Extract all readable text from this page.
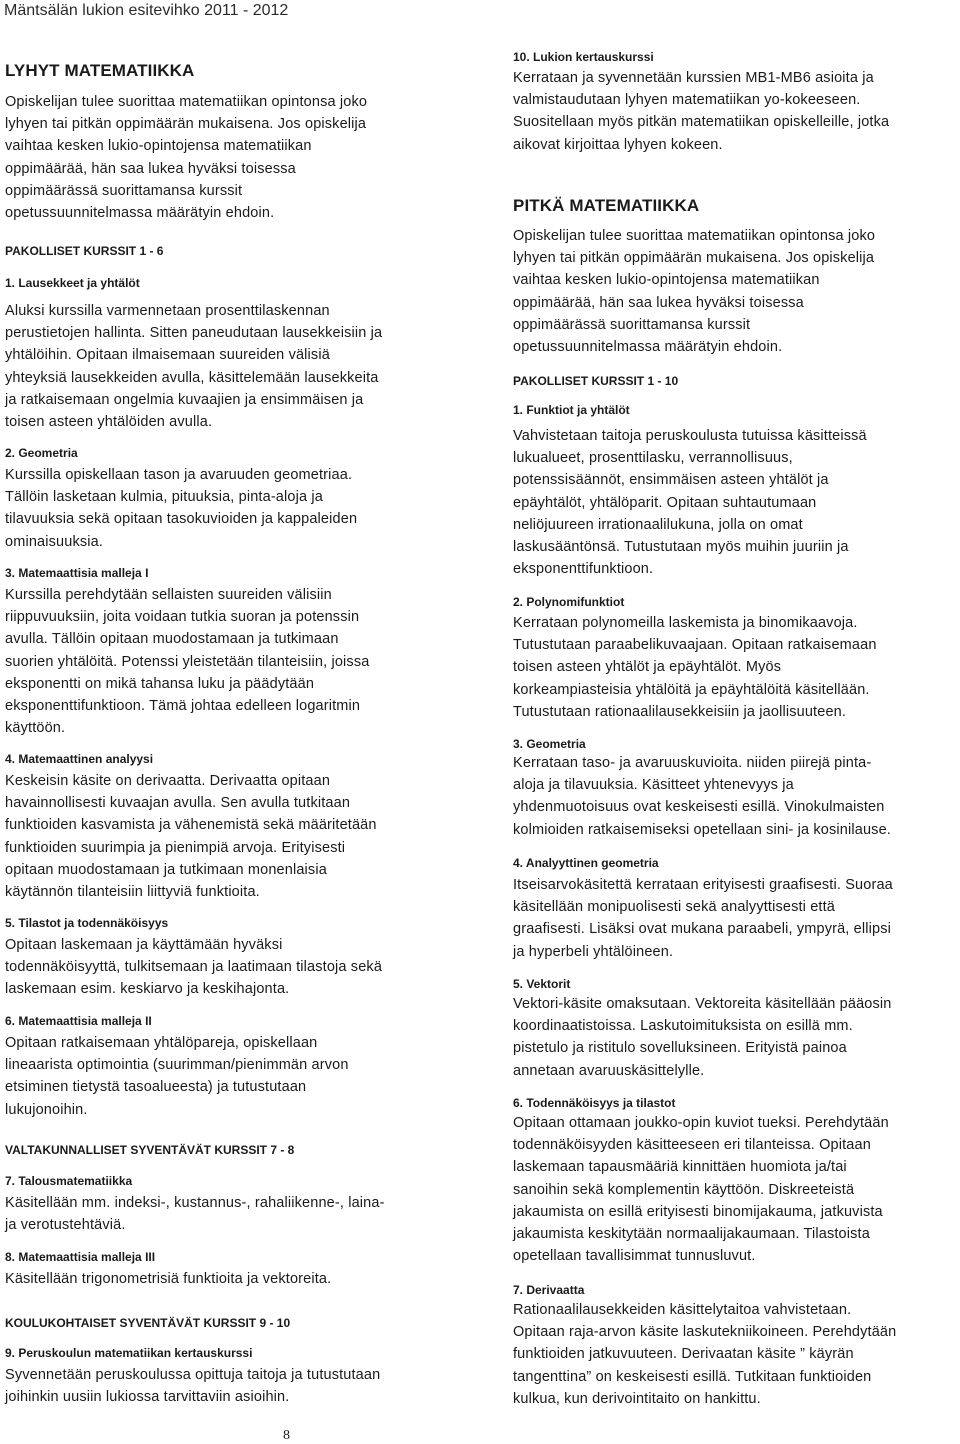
Mäntsälän lukion esitevihko 2011 - 2012
LYHYT MATEMATIIKKA
Opiskelijan tulee suorittaa matematiikan opintonsa joko
lyhyen tai pitkän oppimäärän mukaisena. Jos opiskelija
vaihtaa kesken lukio-opintojensa matematiikan
oppimäärää, hän saa lukea hyväksi toisessa
oppimäärässä suorittamansa kurssit
opetussuunnitelmassa määrätyin ehdoin.
PAKOLLISET KURSSIT 1 - 6
1. Lausekkeet ja yhtälöt
Aluksi kurssilla varmennetaan prosenttilaskennan
perustietojen hallinta. Sitten paneudutaan lausekkeisiin ja
yhtälöihin. Opitaan ilmaisemaan suureiden välisiä
yhteyksiä lausekkeiden avulla, käsittelemään lausekkeita
ja ratkaisemaan ongelmia kuvaajien ja ensimmäisen ja
toisen asteen yhtälöiden avulla.
2. Geometria
Kurssilla opiskellaan tason ja avaruuden geometriaa.
Tällöin lasketaan kulmia, pituuksia, pinta-aloja ja
tilavuuksia sekä opitaan tasokuvioiden ja kappaleiden
ominaisuuksia.
3. Matemaattisia malleja I
Kurssilla perehdytään sellaisten suureiden välisiin
riippuvuuksiin, joita voidaan tutkia suoran ja potenssin
avulla. Tällöin opitaan muodostamaan ja tutkimaan
suorien yhtälöitä. Potenssi yleistetään tilanteisiin, joissa
eksponentti on mikä tahansa luku ja päädytään
eksponenttifunktioon. Tämä johtaa edelleen logaritmin
käyttöön.
4. Matemaattinen analyysi
Keskeisin käsite on derivaatta. Derivaatta opitaan
havainnollisesti kuvaajan avulla. Sen avulla tutkitaan
funktioiden kasvamista ja vähenemistä sekä määritetään
funktioiden suurimpia ja pienimpiä arvoja. Erityisesti
opitaan muodostamaan ja tutkimaan monenlaisia
käytännön tilanteisiin liittyviä funktioita.
5. Tilastot ja todennäköisyys
Opitaan laskemaan ja käyttämään hyväksi
todennäköisyyttä, tulkitsemaan ja laatimaan tilastoja sekä
laskemaan esim. keskiarvo ja keskihajonta.
6. Matemaattisia malleja II
Opitaan ratkaisemaan yhtälöpareja, opiskellaan
lineaarista optimointia (suurimman/pienimmän arvon
etsiminen tietystä tasoalueesta) ja tutustutaan
lukujonoihin.
VALTAKUNNALLISET SYVENTÄVÄT KURSSIT 7 - 8
7. Talousmatematiikka
Käsitellään mm. indeksi-, kustannus-, rahaliikenne-, laina-
ja verotustehtäviä.
8. Matemaattisia malleja III
Käsitellään trigonometrisiä funktioita ja vektoreita.
KOULUKOHTAISET SYVENTÄVÄT KURSSIT 9 - 10
9. Peruskoulun matematiikan kertauskurssi
Syvennetään peruskoulussa opittuja taitoja ja tutustutaan
joihinkin uusiin lukiossa tarvittaviin asioihin.
10. Lukion kertauskurssi
Kerrataan ja syvennetään kurssien MB1-MB6 asioita ja
valmistaudutaan lyhyen matematiikan yo-kokeeseen.
Suositellaan myös pitkän matematiikan opiskelleille, jotka
aikovat kirjoittaa lyhyen kokeen.
PITKÄ MATEMATIIKKA
Opiskelijan tulee suorittaa matematiikan opintonsa joko
lyhyen tai pitkän oppimäärän mukaisena. Jos opiskelija
vaihtaa kesken lukio-opintojensa matematiikan
oppimäärää, hän saa lukea hyväksi toisessa
oppimäärässä suorittamansa kurssit
opetussuunnitelmassa määrätyin ehdoin.
PAKOLLISET KURSSIT 1 - 10
1. Funktiot ja yhtälöt
Vahvistetaan taitoja peruskoulusta tutuissa käsitteissä
lukualueet, prosenttilasku, verrannollisuus,
potenssisäännöt, ensimmäisen asteen yhtälöt ja
epäyhtälöt, yhtälöparit. Opitaan suhtautumaan
neliöjuureen irrationaalilukuna, jolla on omat
laskusääntönsä. Tutustutaan myös muihin juuriin ja
eksponenttifunktioon.
2. Polynomifunktiot
Kerrataan polynomeilla laskemista ja binomikaavoja.
Tutustutaan paraabelikuvaajaan. Opitaan ratkaisemaan
toisen asteen yhtälöt ja epäyhtälöt. Myös
korkeampiasteisia yhtälöitä ja epäyhtälöitä käsitellään.
Tutustutaan rationaalilausekkeisiin ja jaollisuuteen.
3. Geometria
Kerrataan taso- ja avaruuskuvioita. niiden piirejä pinta-
aloja ja tilavuuksia. Käsitteet yhtenevyys ja
yhdenmuotoisuus ovat keskeisesti esillä. Vinokulmaisten
kolmioiden ratkaisemiseksi opetellaan sini- ja kosinilause.
4. Analyyttinen geometria
Itseisarvokäsitettä kerrataan erityisesti graafisesti. Suoraa
käsitellään monipuolisesti sekä analyyttisesti että
graafisesti. Lisäksi ovat mukana paraabeli, ympyrä, ellipsi
ja hyperbeli yhtälöineen.
5. Vektorit
Vektori-käsite omaksutaan. Vektoreita käsitellään pääosin
koordinaatistoissa. Laskutoimituksista on esillä mm.
pistetulo ja ristitulo sovelluksineen. Erityistä painoa
annetaan avaruuskäsittelylle.
6. Todennäköisyys ja tilastot
Opitaan ottamaan joukko-opin kuviot tueksi. Perehdytään
todennäköisyyden käsitteeseen eri tilanteissa. Opitaan
laskemaan tapausmääriä kinnittäen huomiota ja/tai
sanoihin sekä komplementin käyttöön. Diskreeteistä
jakaumista on esillä erityisesti binomijakauma, jatkuvista
jakaumista keskitytään normaalijakaumaan. Tilastoista
opetellaan tavallisimmat tunnusluvut.
7. Derivaatta
Rationaalilausekkeiden käsittelytaitoa vahvistetaan.
Opitaan raja-arvon käsite laskutekniikoineen. Perehdytään
funktioiden jatkuvuuteen. Derivaatan käsite ” käyrän
tangenttina” on keskeisesti esillä. Tutkitaan funktioiden
kulkua, kun derivointitaito on hankittu.
8
